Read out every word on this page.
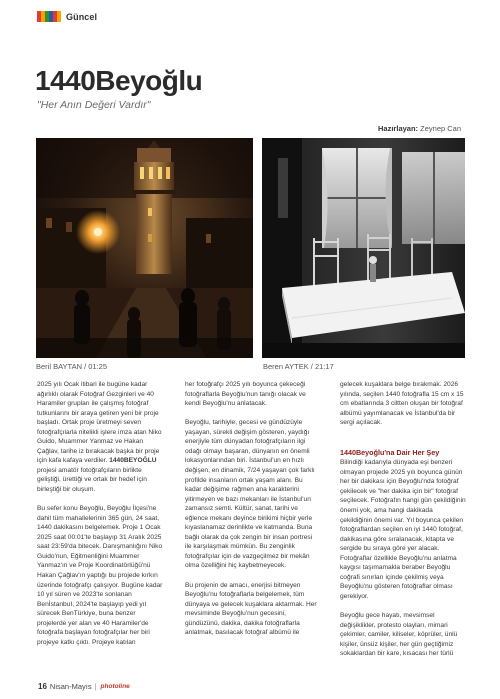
Güncel
1440Beyoğlu
"Her Anın Değeri Vardır"
Hazırlayan: Zeynep Can
Beril BAYTAN / 01:25	Beren AYTEK / 21:17

2025 yılı Ocak itibari ile bugüne kadar ağırlıklı olarak Fotoğraf Gezginleri ve 40 Haramiler grupları ile çalışmış fotoğraf tutkunlarını bir araya getiren yeni bir proje başladı. Ortak proje üretmeyi seven fotoğrafçılarla nitelikli işlere imza atan Niko Guido, Muammer Yanmaz ve Hakan Çağlav, tarihe iz bırakacak başka bir proje için kafa kafaya verdiler. 1440BEYOĞLU projesi amatör fotoğrafçıların birlikte geliştiği, ürettiği ve ortak bir hedef için birleştiği bir oluşum.

Bu sefer konu Beyoğlu, Beyoğlu İlçesi'ne dahil tüm mahallelerinin 365 gün, 24 saat, 1440 dakikasını belgelemek. Proje 1 Ocak 2025 saat 00:01'te başlayıp 31 Aralık 2025 saat 23:59'da bitecek. Danışmanlığını Niko Guido'nun, Eğitmenliğini Muammer Yanmaz'ın ve Proje Koordinatörlüğü'nü Hakan Çağlav'ın yaptığı bu projede kırkın üzerinde fotoğrafçı çalışıyor. Bugüne kadar 10 yıl süren ve 2023'te sonlanan BenİstanbuI, 2024'te başlayıp yedi yıl sürecek BenTürkiye, buna benzer projelerde yer alan ve 40 Haramiler'de fotoğrafa başlayan fotoğrafçılar her biri projeye katkı çıktı. Projeye katılan

her fotoğrafçı 2025 yılı boyunca çekeceği fotoğraflarla Beyoğlu'nun tanığı olacak ve kendi Beyoğlu'nu anlatacak.

Beyoğlu, tarihiyle, gecesi ve gündüzüyle yaşayan, sürekli değişim gösteren, yaydığı enerjiyle tüm dünyadan fotoğrafçıların ilgi odağı olmayı başaran, dünyanın en önemli lokasyonlarından biri. İstanbul'un en hızlı değişen, en dinamik, 7/24 yaşayan çok farklı profilde insanların ortak yaşam alanı. Bu kadar değişime rağmen ana karakterini yitirmeyen ve bazı mekanları ile İstanbul'un zamansız semti. Kültür, sanat, tarihi ve eğlence mekanı deyince birikimi hiçbir yerle kıyaslanamaz derinlikte ve katmanda. Buna bağlı olarak da çok zengin bir insan portresi ile karşılaşmak mümkün. Bu zenginlik fotoğrafçılar için de vazgeçilmez bir mekân olma özelliğini hiç kaybetmeyecek.

Bu projenin de amacı, enerjisi bitmeyen Beyoğlu'nu fotoğraflarla belgelemek, tüm dünyaya ve gelecek kuşaklara aktarmak. Her mevsiminde Beyoğlu'nun gecesini, gündüzünü, dakika, dakika fotoğraflarla anlatmak, basılacak fotoğraf albümü ile

gelecek kuşaklara belge bırakmak. 2026 yılında, seçilen 1440 fotoğrafla 15 cm x 15 cm ebatlarında 3 ciltten oluşan bir fotoğraf albümü yayımlanacak ve İstanbul'da bir sergi açılacak.

1440Beyoğlu'na Dair Her Şey

Bilindiği kadarıyla dünyada eşi benzeri olmayan projede 2025 yılı boyunca günün her bir dakikası için Beyoğlu'nda fotoğraf çekilecek ve "her dakika için bir" fotoğraf seçilecek. Fotoğrafın hangi gün çekildiğinin önemi yok, ama hangi dakikada çekildiğinin önemi var. Yıl boyunca çekilen fotoğraflardan seçilen en iyi 1440 fotoğraf, dakikasına göre sıralanacak, kitapta ve sergide bu sıraya göre yer alacak. Fotoğraflar özellikle Beyoğlu'nu anlatma kaygısı taşımamakla beraber Beyoğlu coğrafi sınırları içinde çekilmiş veya Beyoğlu'nu gösteren fotoğraflar olması gerekiyor.

Beyoğlu gece hayatı, mevsimsel değişiklikler, protesto olayları, mimari çekimler, camiler, kiliseler, köprüler, ünlü kişiler, ünsüz kişiler, her gün geçtiğimiz sokaklardan bir kare, kısacası her türlü

16 Nisan-Mayıs | photoline
